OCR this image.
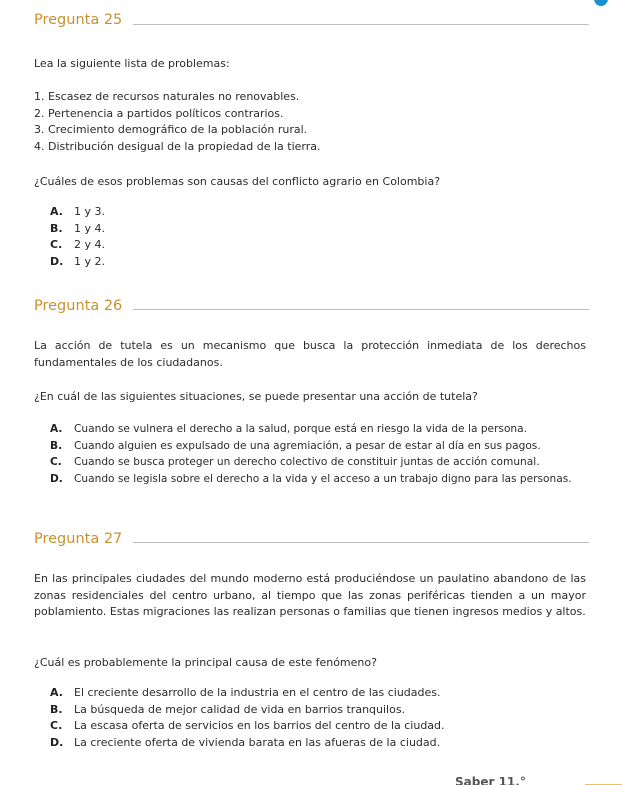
Pregunta 25
Lea la siguiente lista de problemas:
1. Escasez de recursos naturales no renovables.
2. Pertenencia a partidos políticos contrarios.
3. Crecimiento demográfico de la población rural.
4. Distribución desigual de la propiedad de la tierra.
¿Cuáles de esos problemas son causas del conflicto agrario en Colombia?
A.	1 y 3.
B.	1 y 4.
C.	2 y 4.
D. 1 y 2.
Pregunta 26
La acción de tutela es un mecanismo que busca la protección inmediata de los derechos fundamentales de los ciudadanos.
¿En cuál de las siguientes situaciones, se puede presentar una acción de tutela?
A.	Cuando se vulnera el derecho a la salud, porque está en riesgo la vida de la persona.
B.	Cuando alguien es expulsado de una agremiación, a pesar de estar al día en sus pagos.
C.	Cuando se busca proteger un derecho colectivo de constituir juntas de acción comunal.
D.	Cuando se legisla sobre el derecho a la vida y el acceso a un trabajo digno para las personas.
Pregunta 27
En las principales ciudades del mundo moderno está produciéndose un paulatino abandono de las zonas residenciales del centro urbano, al tiempo que las zonas periféricas tienden a un mayor poblamiento. Estas migraciones las realizan personas o familias que tienen ingresos medios y altos.
¿Cuál es probablemente la principal causa de este fenómeno?
A.	El creciente desarrollo de la industria en el centro de las ciudades.
B.	La búsqueda de mejor calidad de vida en barrios tranquilos.
C.	La escasa oferta de servicios en los barrios del centro de la ciudad.
D. La creciente oferta de vivienda barata en las afueras de la ciudad.
Saber 11.°
